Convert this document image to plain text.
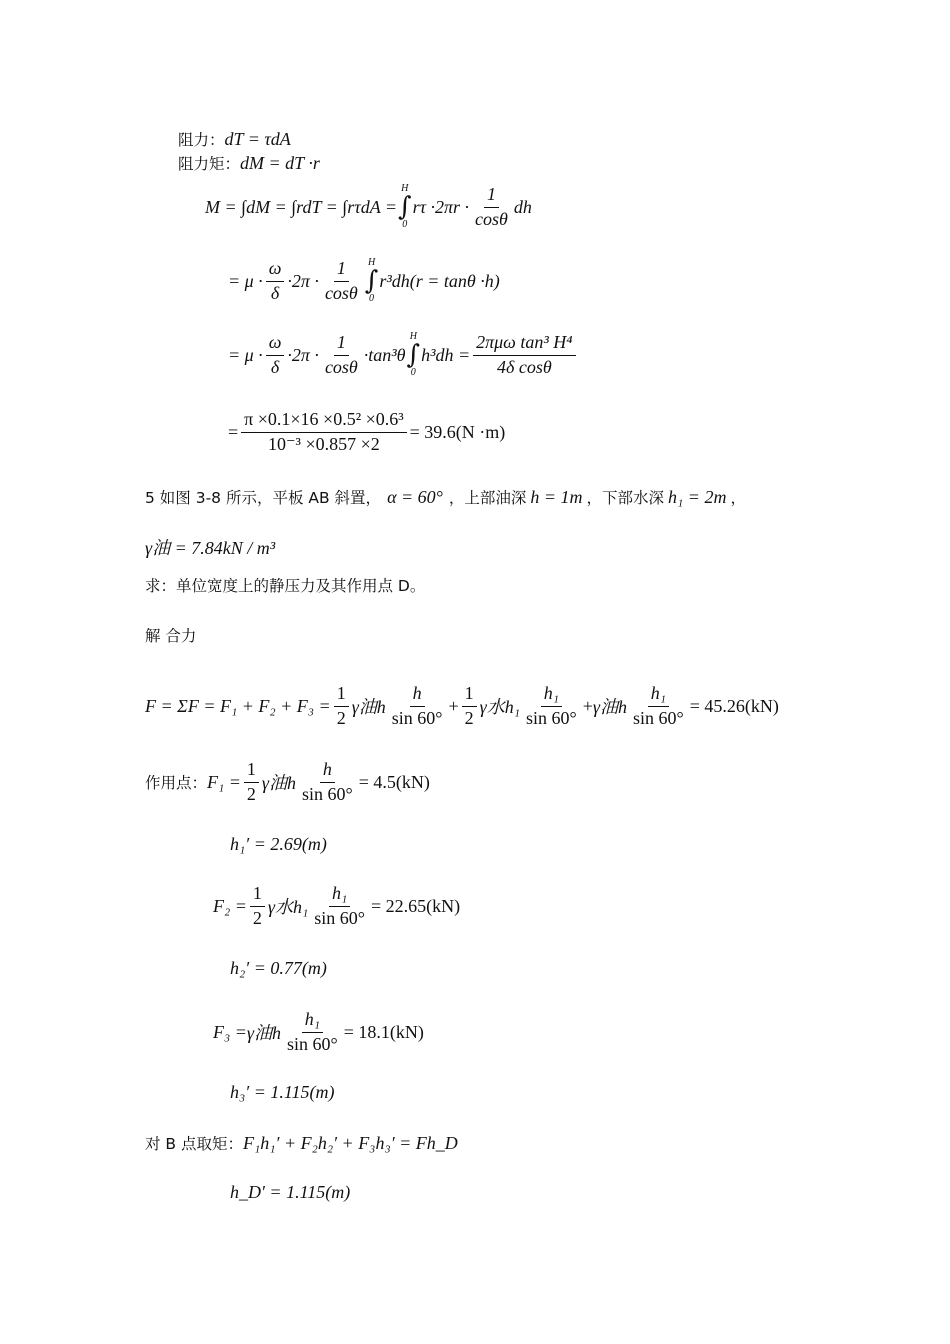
阻力： dT = τdA
阻力矩： dM = dT ·r
M = ∫dM = ∫rdT = ∫rτdA =
H
∫
0
$r\tau \cdot 2\pi r \cdot \frac{1}{\cos\theta}$ dh
= $\mu \cdot \frac{\omega}{\delta} \cdot 2\pi \cdot \frac{1}{\cos\theta}$ H
∫
0
r³dh(r = tanθ ·h)
= $\mu \cdot \frac{\omega}{\delta} \cdot 2\pi \cdot \frac{1}{\cos\theta} \cdot\tan^3\theta$
H
∫
0
$h^3dh = \frac{\text{2πμω tan³ H⁴}}{\text{4δ cosθ}}$
= $\frac{\text{π ×0.1×16 ×0.5² ×0.6³}}{\text{10⁻³ ×0.857 ×2}} = 39.6(N \cdot m)$
5 如图 3-8 所示，平板 AB 斜置， α = 60° ，上部油深 h = 1m ，下部水深 h₁ = 2m ，
γ油 = 7.84kN / m³
求：单位宽度上的静压力及其作用点 D。
解 合力
$F = \Sigma F = F_1 + F_2 + F_3 = \frac{1}{2}$ γ油h $\frac{h}{\sin 60^\circ} + \frac{1}{2}$ γ水$h_1 \frac{\text{h₁}}{\sin 60^\circ} + \gamma$油h $\frac{\text{h₁}}{\sin 60^\circ} = 45.26(kN)$
作用点： $F_1 = \frac{1}{2}$ γ油h $\frac{h}{\sin 60^\circ} = 4.5(kN)$
h₁′ = 2.69(m)
$F_2 = \frac{1}{2}$ γ水$h_1 \frac{\text{h₁}}{\sin 60^\circ} = 22.65(kN)$
h₂′ = 0.77(m)
F₃ = γ油h $\frac{\text{h₁}}{\sin 60^\circ} = 18.1(kN)$
h₃′ = 1.115(m)
对 B 点取矩： F₁h₁′ + F₂h₂′ + F₃h₃′ = Fh_D
h_D′ = 1.115(m)
